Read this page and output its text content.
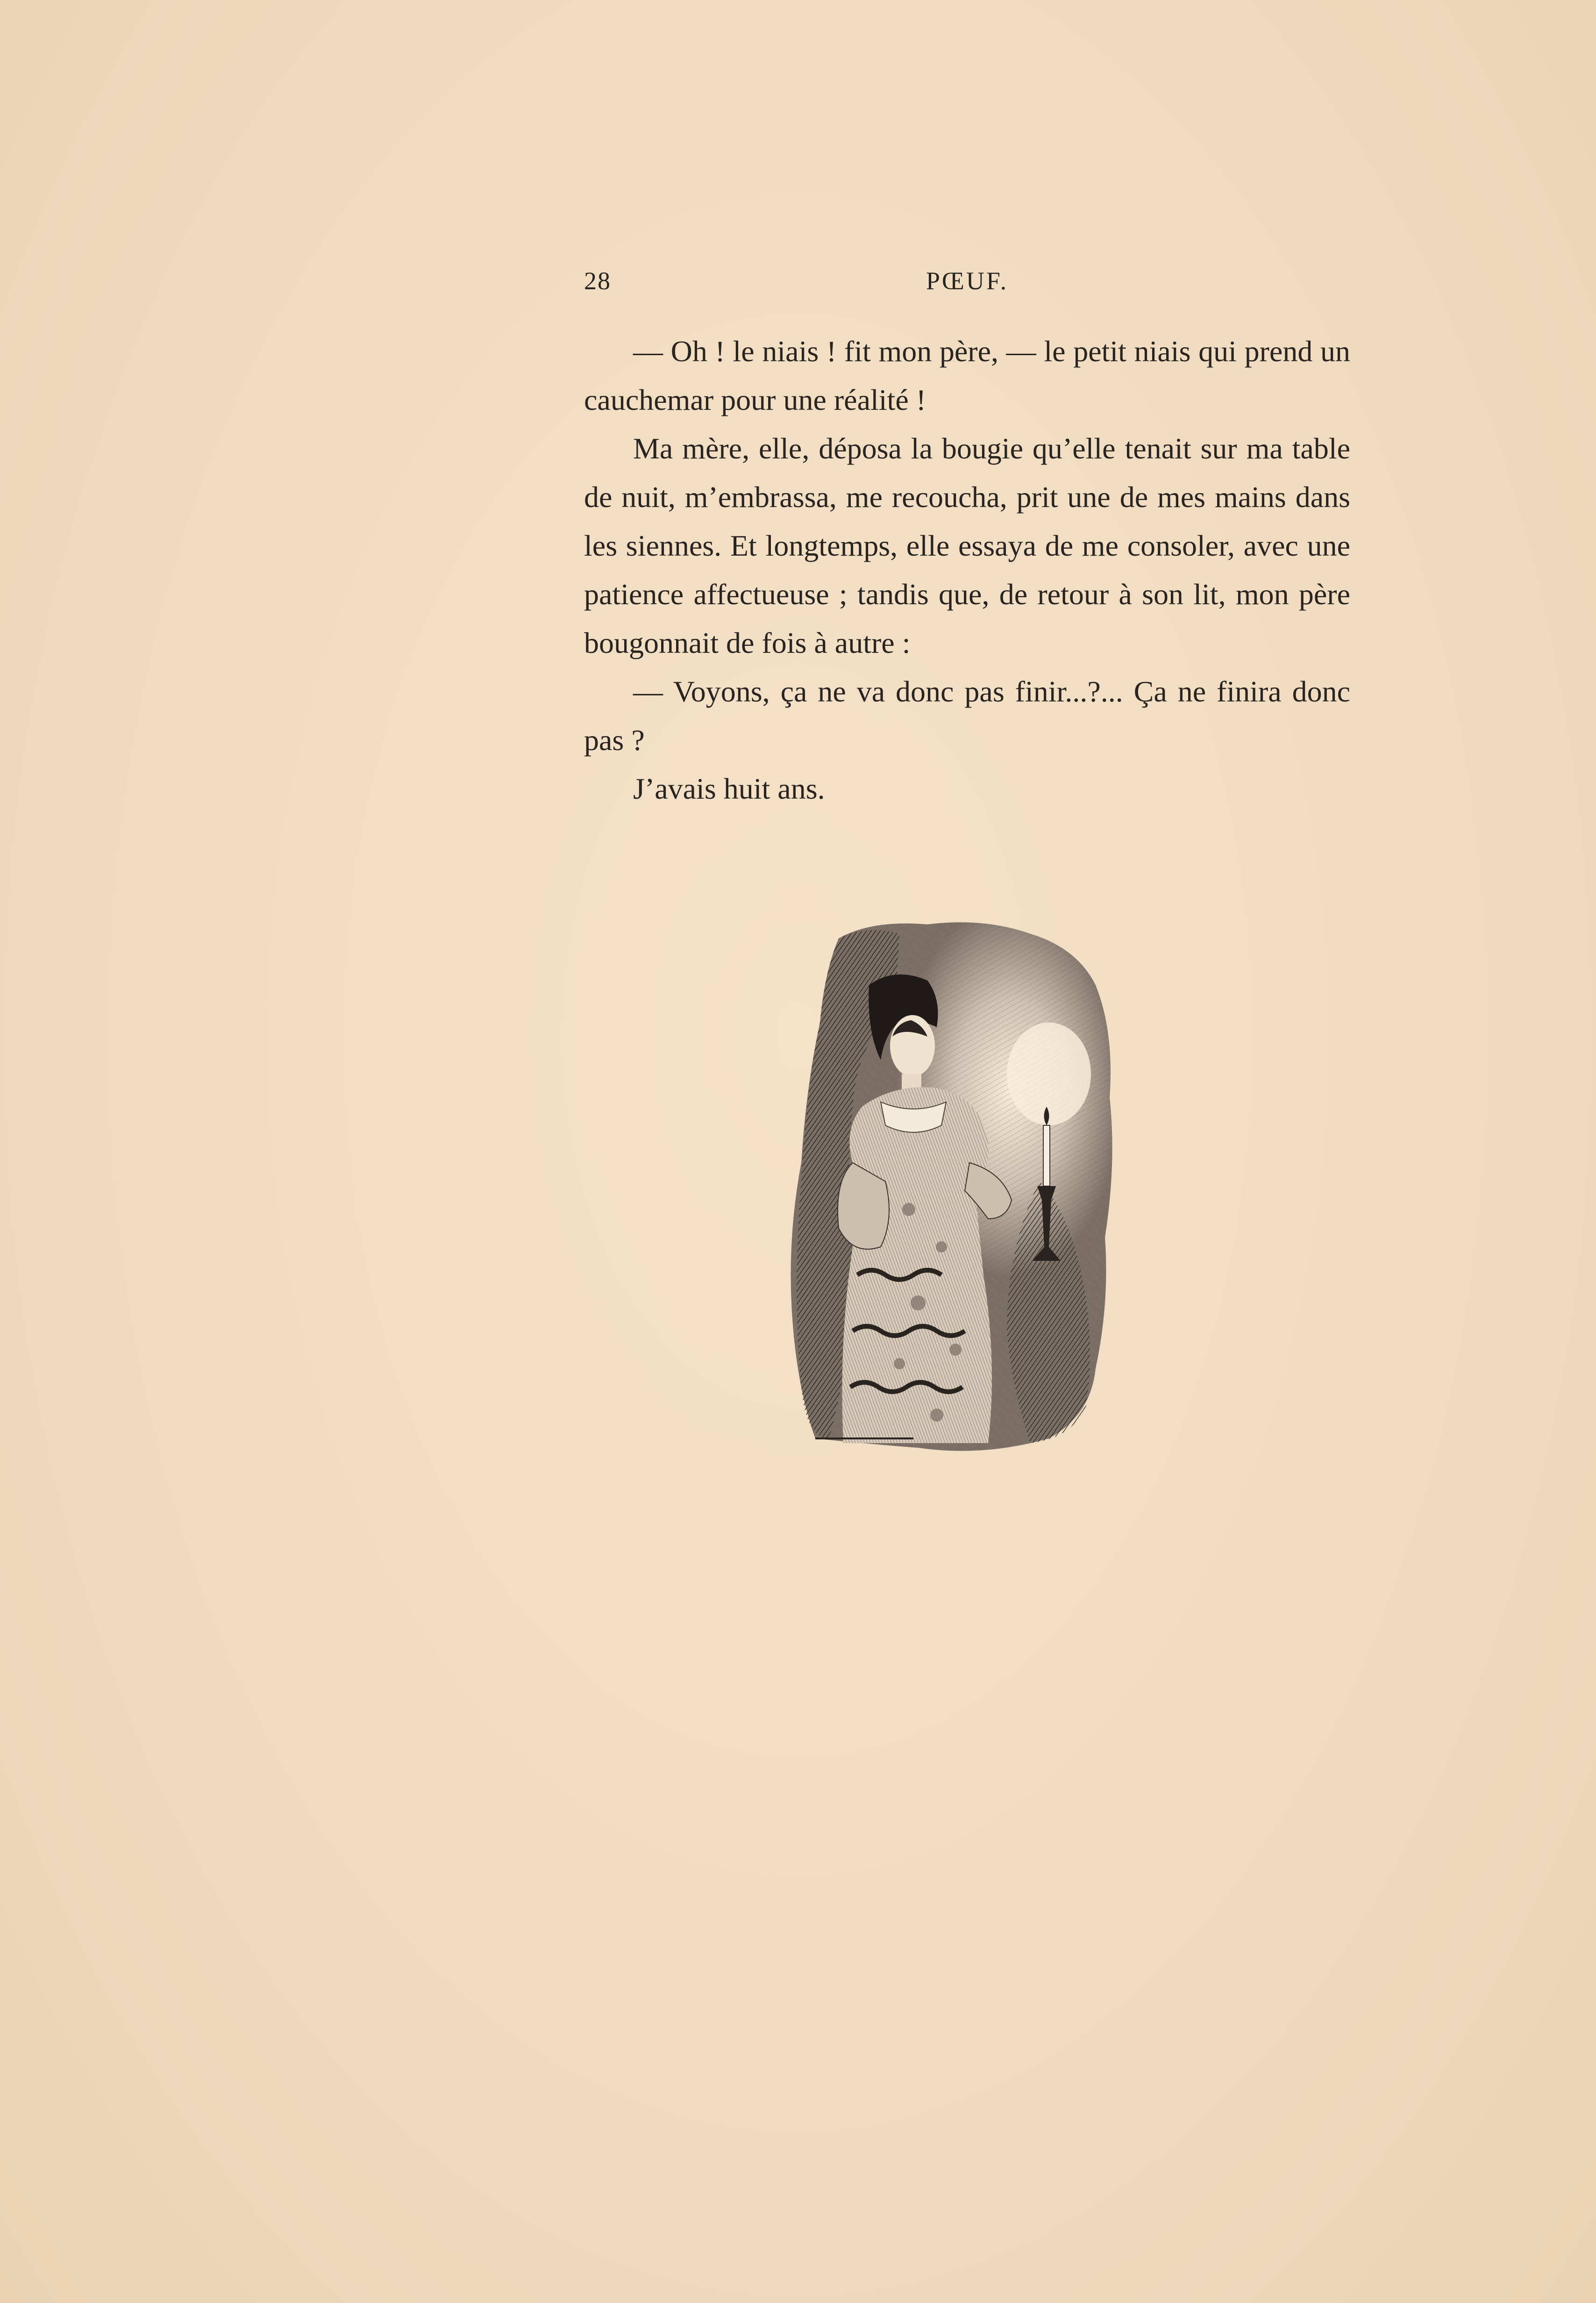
28	PŒUF.

— Oh ! le niais ! fit mon père, — le petit niais qui prend un cauchemar pour une réalité !

Ma mère, elle, déposa la bougie qu’elle tenait sur ma table de nuit, m’embrassa, me recoucha, prit une de mes mains dans les siennes. Et longtemps, elle essaya de me consoler, avec une patience affectueuse ; tandis que, de retour à son lit, mon père bougonnait de fois à autre :

— Voyons, ça ne va donc pas finir...?... Ça ne finira donc pas ?

J’avais huit ans.
